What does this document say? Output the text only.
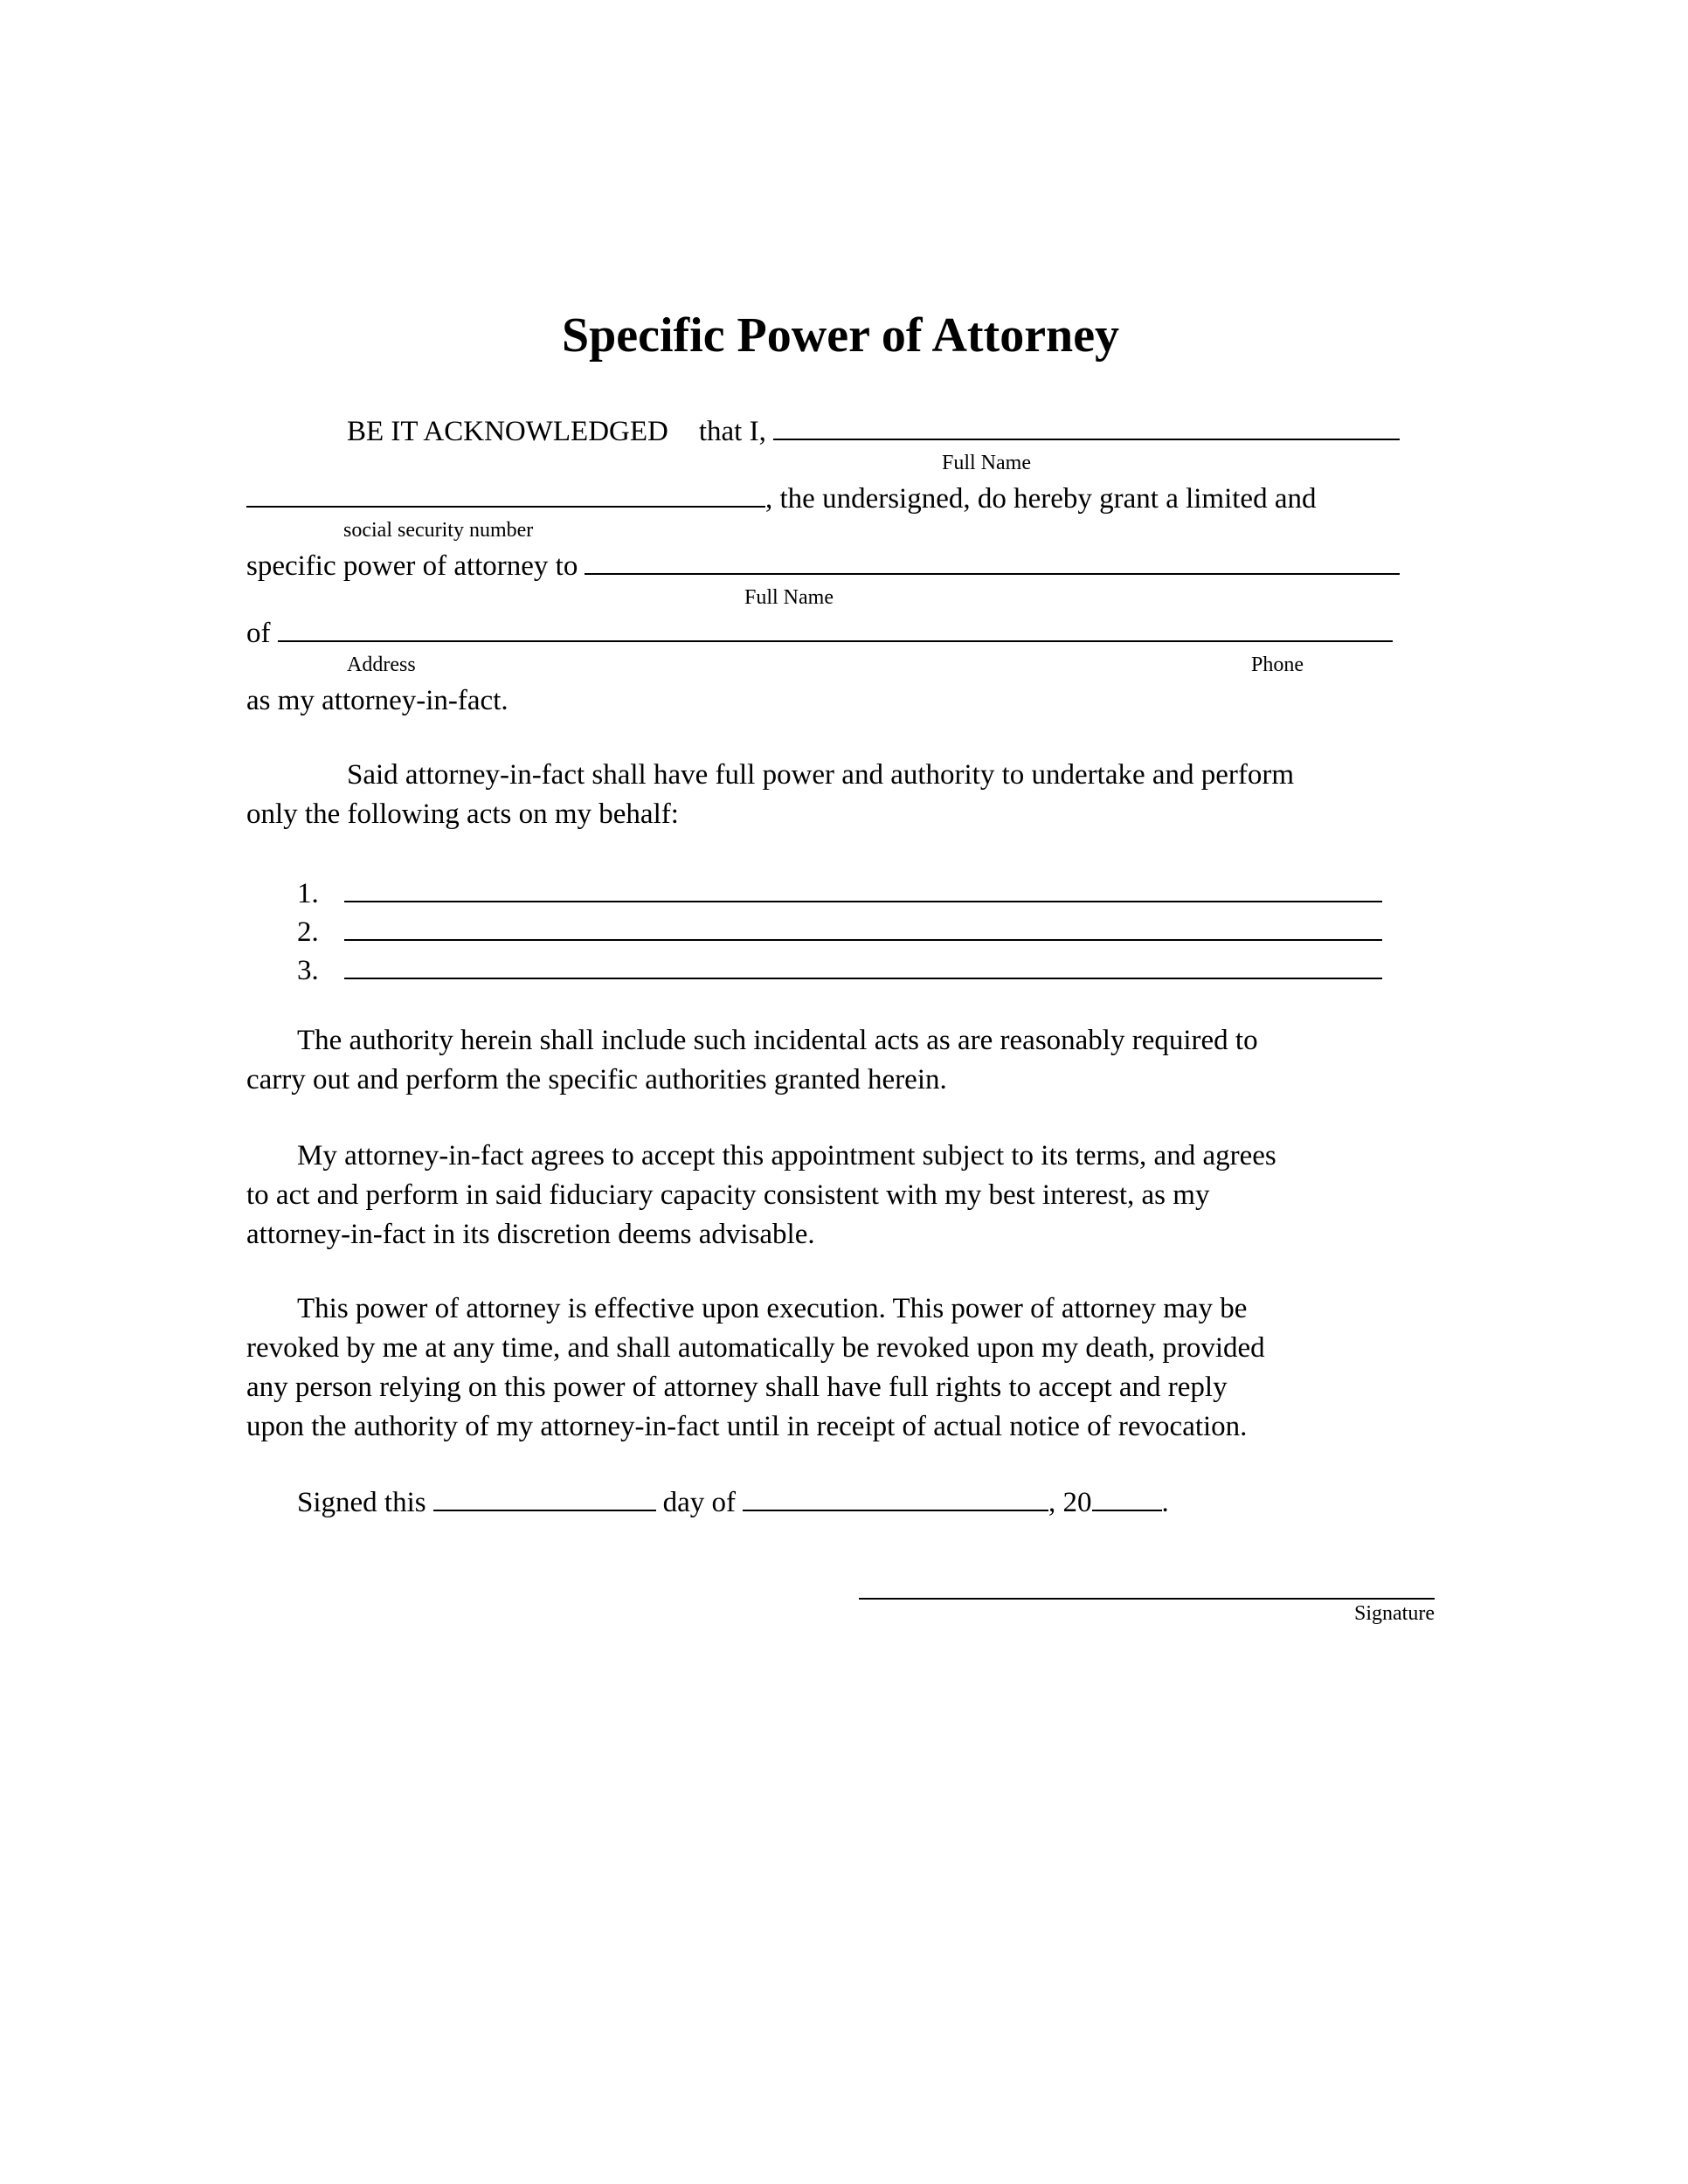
Specific Power of Attorney
BE IT ACKNOWLEDGED that I,
Full Name
, the undersigned, do hereby grant a limited and
social security number
specific power of attorney to
Full Name
of
Address	Phone
as my attorney-in-fact.
Said attorney-in-fact shall have full power and authority to undertake and perform
only the following acts on my behalf:
1.
2.
3.
The authority herein shall include such incidental acts as are reasonably required to
carry out and perform the specific authorities granted herein.
My attorney-in-fact agrees to accept this appointment subject to its terms, and agrees
to act and perform in said fiduciary capacity consistent with my best interest, as my
attorney-in-fact in its discretion deems advisable.
This power of attorney is effective upon execution. This power of attorney may be
revoked by me at any time, and shall automatically be revoked upon my death, provided
any person relying on this power of attorney shall have full rights to accept and reply
upon the authority of my attorney-in-fact until in receipt of actual notice of revocation.
Signed this	day of	, 20 .
Signature
